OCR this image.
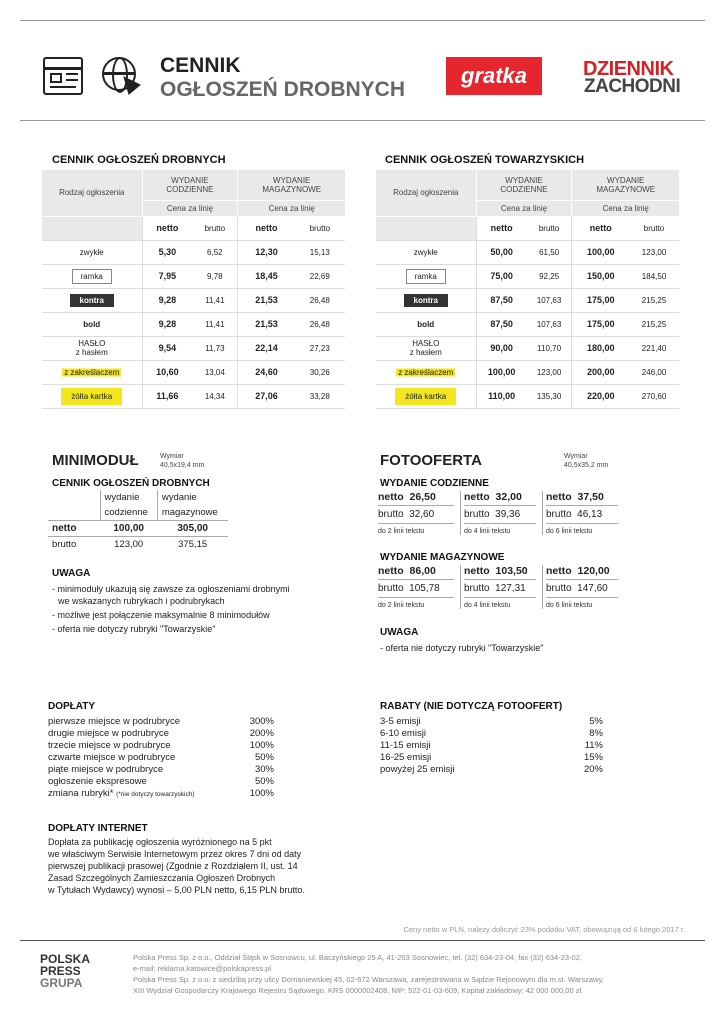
CENNIK
OGŁOSZEŃ DROBNYCH
gratka	DZIENNIK
ZACHODNI
CENNIK OGŁOSZEŃ DROBNYCH
Rodzaj ogłoszenia	WYDANIE CODZIENNE		WYDANIE MAGAZYNOWE	
	Cena za linię		Cena za linię	
	netto	brutto	netto	brutto
zwykłe	5,30	6,52	12,30	15,13
ramka	7,95	9,78	18,45	22,69
kontra	9,28	11,41	21,53	26,48
bold	9,28	11,41	21,53	26,48
HASŁO
z hasłem	9,54	11,73	22,14	27,23
z zakreślaczem	10,60	13,04	24,60	30,26
żółta kartka	11,66	14,34	27,06	33,28
CENNIK OGŁOSZEŃ TOWARZYSKICH
Rodzaj ogłoszenia	WYDANIE CODZIENNE		WYDANIE MAGAZYNOWE	
	Cena za linię		Cena za linię	
	netto	brutto	netto	brutto
zwykłe	50,00	61,50	100,00	123,00
ramka	75,00	92,25	150,00	184,50
kontra	87,50	107,63	175,00	215,25
bold	87,50	107,63	175,00	215,25
HASŁO
z hasłem	90,00	110,70	180,00	221,40
z zakreślaczem	100,00	123,00	200,00	246,00
żółta kartka	110,00	135,30	220,00	270,60
MINIMODUŁ	Wymiar
40,5x19,4 mm
CENNIK OGŁOSZEŃ DROBNYCH
	wydanie	wydanie
	codzienne	magazynowe
netto	100,00	305,00
brutto	123,00	375,15
UWAGA
- minimoduły ukazują się zawsze za ogłoszeniami drobnymi
we wskazanych rubrykach i podrubrykach
- możliwe jest połączenie maksymalnie 8 minimodułów
- oferta nie dotyczy rubryki "Towarzyskie"
FOTOOFERTA	Wymiar
40,5x35,2 mm
WYDANIE CODZIENNE
netto 26,50
brutto 32,60
do 2 linii tekstu
netto 32,00
brutto 39,36
do 4 linii tekstu
netto 37,50
brutto 46,13
do 6 linii tekstu
WYDANIE MAGAZYNOWE
netto 86,00
brutto 105,78
do 2 linii tekstu
netto 103,50
brutto 127,31
do 4 linii tekstu
netto 120,00
brutto 147,60
do 6 linii tekstu
UWAGA
- oferta nie dotyczy rubryki "Towarzyskie"
DOPŁATY
pierwsze miejsce w podrubryce	300%
drugie miejsce w podrubryce	200%
trzecie miejsce w podrubryce	100%
czwarte miejsce w podrubryce	50%
piąte miejsce w podrubryce	30%
ogłoszenie ekspresowe	50%
zmiana rubryki* (*nie dotyczy towarzyskich)	100%
RABATY (NIE DOTYCZĄ FOTOOFERT)
3-5 emisji	5%
6-10 emisji	8%
11-15 emisji	11%
16-25 emisji	15%
powyżej 25 emisji	20%
DOPŁATY INTERNET
Dopłata za publikację ogłoszenia wyróżnionego na 5 pkt
we właściwym Serwisie Internetowym przez okres 7 dni od daty
pierwszej publikacji prasowej (Zgodnie z Rozdziałem II, ust. 14
Zasad Szczególnych Zamieszczania Ogłoszeń Drobnych
w Tytułach Wydawcy) wynosi – 5,00 PLN netto, 6,15 PLN brutto.
Ceny netto w PLN, należy doliczyć 23% podatku VAT, obowiązują od 6 lutego 2017 r.
POLSKA
PRESS
GRUPA
Polska Press Sp. z o.o., Oddział Śląsk w Sosnowcu, ul. Baczyńskiego 25 A, 41-203 Sosnowiec, tel. (32) 634-23-04, fax (32) 634-23-02,
e-mail: reklama.katowice@polskapress.pl
Polska Press Sp. z o.o. z siedzibą przy ulicy Domaniewskiej 45, 02-672 Warszawa, zarejestrowana w Sądzie Rejonowym dla m.st. Warszawy,
XIII Wydział Gospodarczy Krajowego Rejestru Sądowego, KRS 0000002408, NIP: 522-01-03-609, Kapitał zakładowy: 42 000 000,00 zł.
